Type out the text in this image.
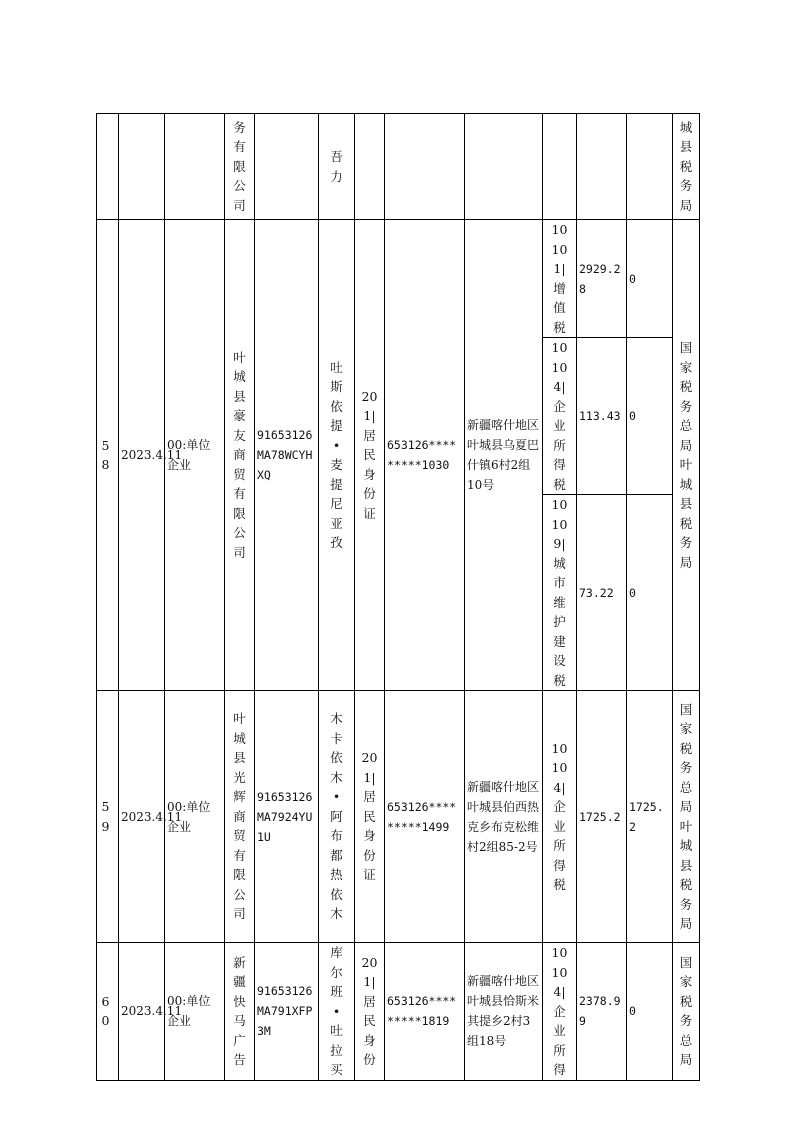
			务有限公司		吾力							城县税务局

58	2023.4.11	00:单位企业	叶城县豪友商贸有限公司	91653126MA78WCYHXQ	吐斯依提•麦提尼亚孜	201|居民身份证	653126*********1030	新疆喀什地区叶城县乌夏巴什镇6村2组10号	10101|增值税	2929.28	0	国家税务总局叶城县税务局

									10104|企业所得税	113.43	0	

									10109|城市维护建设税	73.22	0	

59	2023.4.11	00:单位企业	叶城县光辉商贸有限公司	91653126MA7924YU1U	木卡依木•阿布都热依木	201|居民身份证	653126*********1499	新疆喀什地区叶城县伯西热克乡布克松维村2组85-2号	10104|企业所得税	1725.2	1725.2	国家税务总局叶城县税务局

60	2023.4.11	00:单位企业	新疆快马广告	91653126MA791XFP3M	库尔班•吐拉买	201|居民身份	653126*********1819	新疆喀什地区叶城县恰斯米其提乡2村3组18号	10104|企业所得	2378.99	0	国家税务总局
